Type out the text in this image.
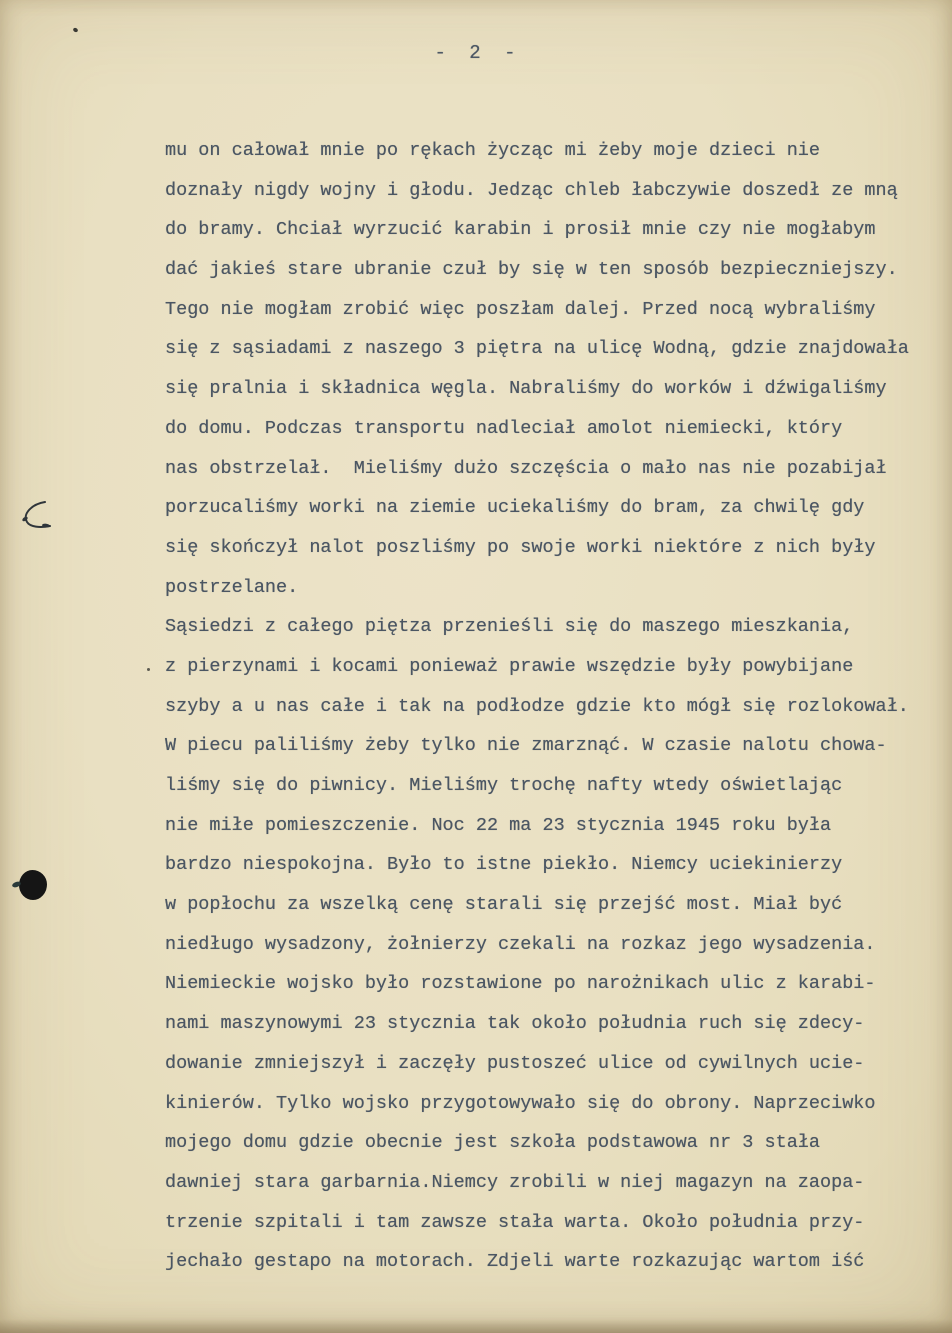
- 2 -
mu on całował mnie po rękach życząc mi żeby moje dzieci nie
doznały nigdy wojny i głodu. Jedząc chleb łabczywie doszedł ze mną
do bramy. Chciał wyrzucić karabin i prosił mnie czy nie mogłabym
dać jakieś stare ubranie czuł by się w ten sposób bezpieczniejszy.
Tego nie mogłam zrobić więc poszłam dalej. Przed nocą wybraliśmy
się z sąsiadami z naszego 3 piętra na ulicę Wodną, gdzie znajdowała
się pralnia i składnica węgla. Nabraliśmy do worków i dźwigaliśmy
do domu. Podczas transportu nadleciał amolot niemiecki, który
nas obstrzelał.  Mieliśmy dużo szczęścia o mało nas nie pozabijał
porzucaliśmy worki na ziemie uciekaliśmy do bram, za chwilę gdy
się skończył nalot poszliśmy po swoje worki niektóre z nich były
postrzelane.
Sąsiedzi z całego piętza przenieśli się do maszego mieszkania,
z pierzynami i kocami ponieważ prawie wszędzie były powybijane
szyby a u nas całe i tak na podłodze gdzie kto mógł się rozlokował.
W piecu paliliśmy żeby tylko nie zmarznąć. W czasie nalotu chowa-
liśmy się do piwnicy. Mieliśmy trochę nafty wtedy oświetlając
nie miłe pomieszczenie. Noc 22 ma 23 stycznia 1945 roku była
bardzo niespokojna. Było to istne piekło. Niemcy uciekinierzy
w popłochu za wszelką cenę starali się przejść most. Miał być
niedługo wysadzony, żołnierzy czekali na rozkaz jego wysadzenia.
Niemieckie wojsko było rozstawione po narożnikach ulic z karabi-
nami maszynowymi 23 stycznia tak około południa ruch się zdecy-
dowanie zmniejszył i zaczęły pustoszeć ulice od cywilnych ucie-
kinierów. Tylko wojsko przygotowywało się do obrony. Naprzeciwko
mojego domu gdzie obecnie jest szkoła podstawowa nr 3 stała
dawniej stara garbarnia.Niemcy zrobili w niej magazyn na zaopa-
trzenie szpitali i tam zawsze stała warta. Około południa przy-
jechało gestapo na motorach. Zdjeli warte rozkazując wartom iść
